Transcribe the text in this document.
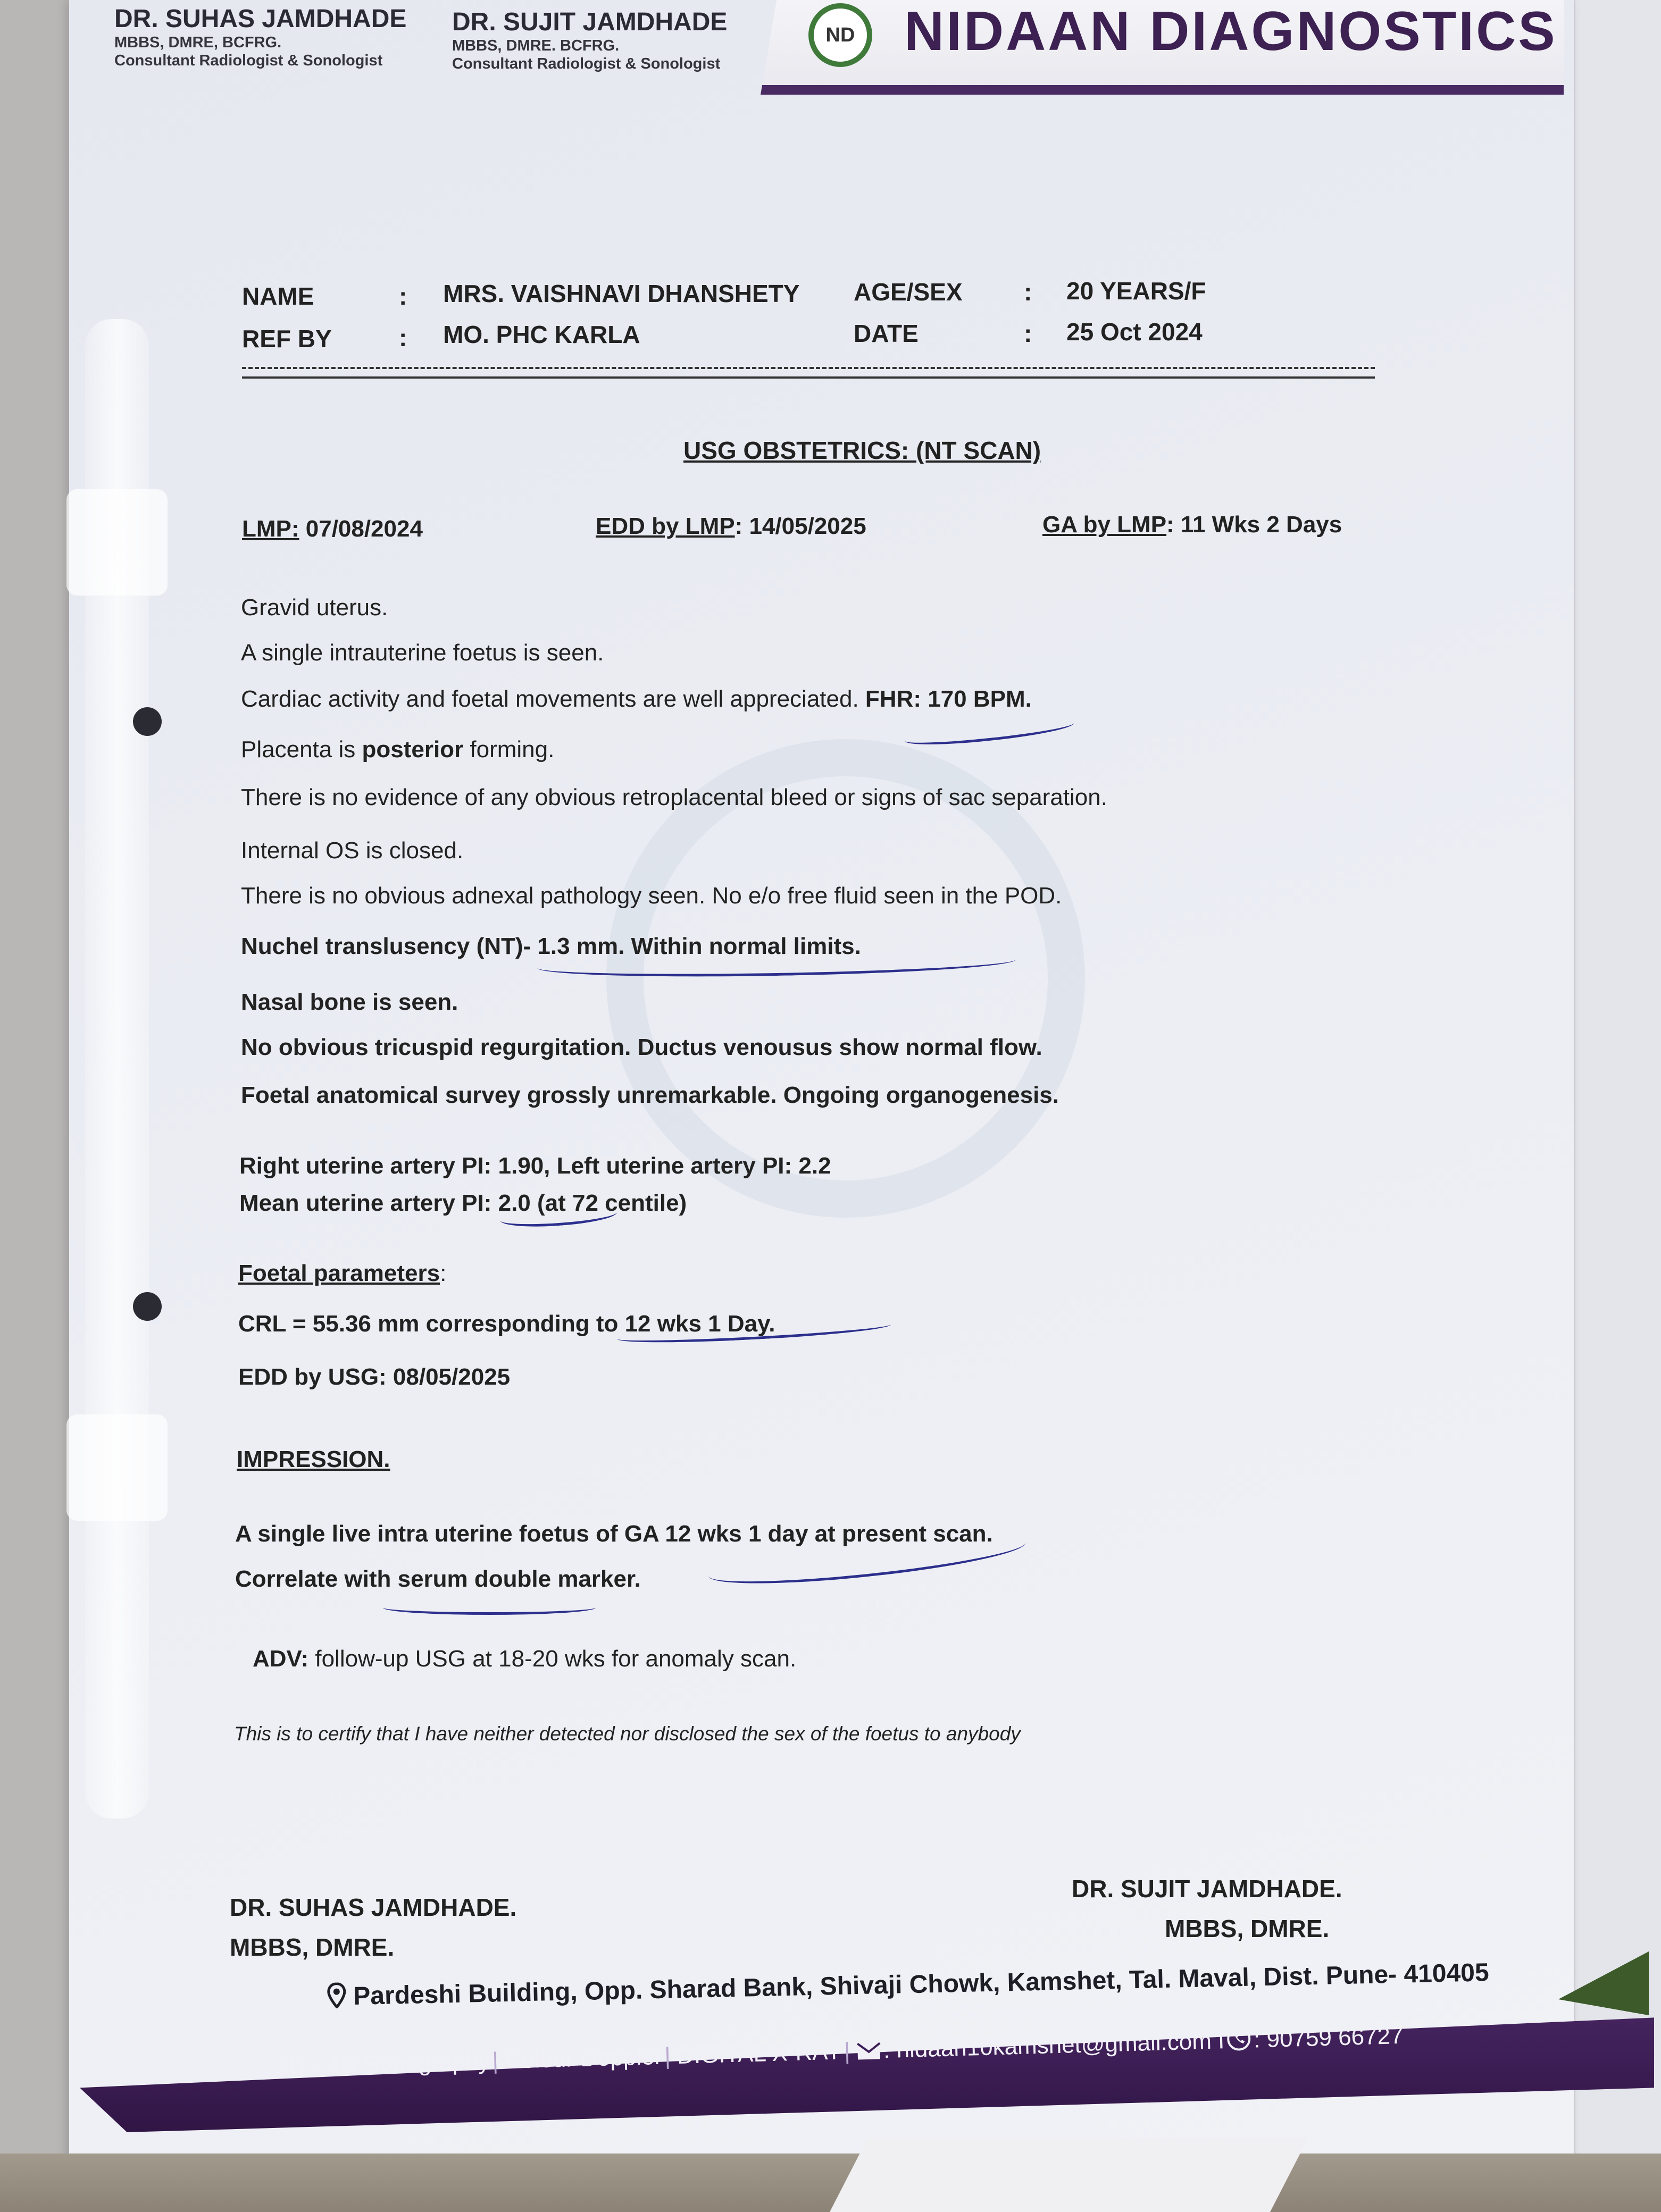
DR. SUHAS JAMDHADE
MBBS, DMRE, BCFRG.
Consultant Radiologist & Sonologist
DR. SUJIT JAMDHADE
MBBS, DMRE. BCFRG.
Consultant Radiologist & Sonologist
ND NIDAAN DIAGNOSTICS
NAME	: MRS. VAISHNAVI DHANSHETY AGE/SEX	: 20 YEARS/F
REF BY	: MO. PHC KARLA	DATE	: 25 Oct 2024
USG OBSTETRICS: (NT SCAN)
LMP: 07/08/2024	EDD by LMP: 14/05/2025	GA by LMP: 11 Wks 2 Days
Gravid uterus.
A single intrauterine foetus is seen.
Cardiac activity and foetal movements are well appreciated. FHR: 170 BPM.
Placenta is posterior forming.
There is no evidence of any obvious retroplacental bleed or signs of sac separation.
Internal OS is closed.
There is no obvious adnexal pathology seen. No e/o free fluid seen in the POD.
Nuchel translusency (NT)- 1.3 mm. Within normal limits.
Nasal bone is seen.
No obvious tricuspid regurgitation. Ductus venousus show normal flow.
Foetal anatomical survey grossly unremarkable. Ongoing organogenesis.
Right uterine artery PI: 1.90, Left uterine artery PI: 2.2
Mean uterine artery PI: 2.0 (at 72 centile)
Foetal parameters:
CRL = 55.36 mm corresponding to 12 wks 1 Day.
EDD by USG: 08/05/2025
IMPRESSION.
A single live intra uterine foetus of GA 12 wks 1 day at present scan.
Correlate with serum double marker.
ADV: follow-up USG at 18-20 wks for anomaly scan.
This is to certify that I have neither detected nor disclosed the sex of the foetus to anybody
DR. SUHAS JAMDHADE.
MBBS, DMRE.
DR. SUJIT JAMDHADE.
MBBS, DMRE.
Pardeshi Building, Opp. Sharad Bank, Shivaji Chowk, Kamshet, Tal. Maval, Dist. Pune- 410405
3D - 4D Sonography | Colour Doppler | DIGITAL X-RAY |  : nidaan10kamshet@gmail.com I : 90759 66727
